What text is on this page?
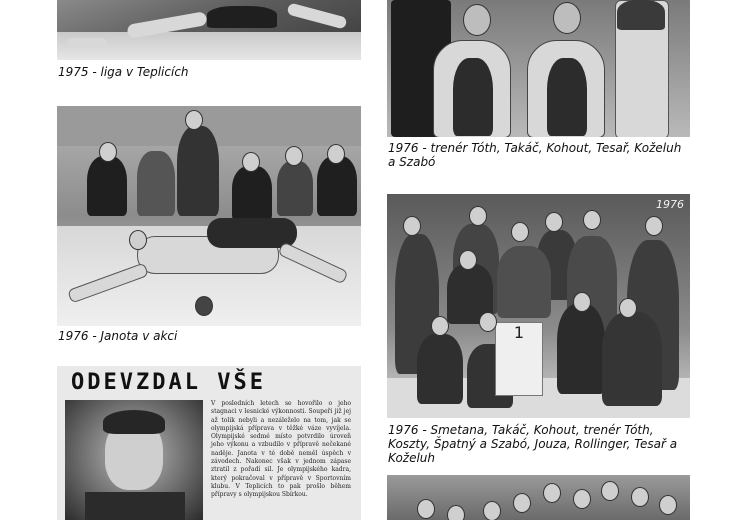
1975 - liga v Teplicích
1976 - Janota v akci
ODEVZDAL VŠE
V posledních letech se hovořilo o jeho stagnaci v lesnické výkonnosti. Soupeři již jej až tolik nebyli a nezáleželo na tom, jak se olympijská příprava v těžké váze vyvíjela. Olympijské sedmé místo potvrdilo úroveň jeho výkonu a vzbudilo v přípravě nečekané naděje. Janota v té době neměl úspěch v závodech. Nakonec však v jednom zápase ztratil z pořadí sil. Je olympijského kadra, který pokračoval v přípravě v Sportovním klubu. V Teplicích to pak prošlo během přípravy s olympijskou Sbírkou.
1976 - trenér Tóth, Takáč, Kohout, Tesař, Koželuh a Szabó
1976
1
1976 - Smetana, Takáč, Kohout, trenér Tóth, Koszty, Špatný a Szabó, Jouza, Rollinger, Tesař a Koželuh
